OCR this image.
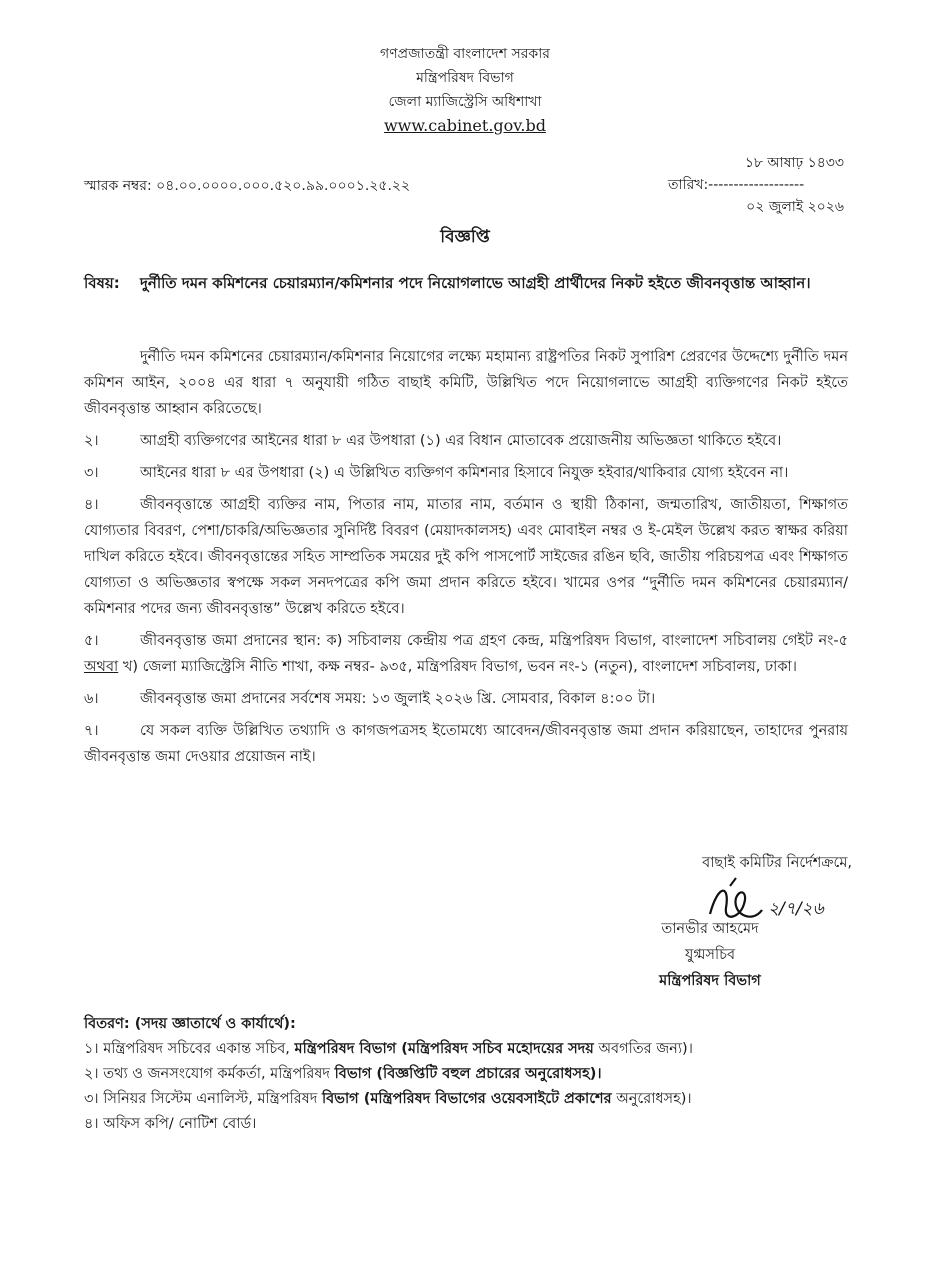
গণপ্রজাতন্ত্রী বাংলাদেশ সরকার
মন্ত্রিপরিষদ বিভাগ
জেলা ম্যাজিস্ট্রেসি অধিশাখা
www.cabinet.gov.bd
স্মারক নম্বর: ০৪.০০.০০০০.০০০.৫২০.৯৯.০০০১.২৫.২২
১৮ আষাঢ় ১৪৩৩
তারিখ:-------------------
০২ জুলাই ২০২৬
বিজ্ঞপ্তি
বিষয়: দুর্নীতি দমন কমিশনের চেয়ারম্যান/কমিশনার পদে নিয়োগলাভে আগ্রহী প্রার্থীদের নিকট হইতে জীবনবৃত্তান্ত আহ্বান।

দুর্নীতি দমন কমিশনের চেয়ারম্যান/কমিশনার নিয়োগের লক্ষ্যে মহামান্য রাষ্ট্রপতির নিকট সুপারিশ প্রেরণের উদ্দেশ্যে দুর্নীতি দমন কমিশন আইন, ২০০৪ এর ধারা ৭ অনুযায়ী গঠিত বাছাই কমিটি, উল্লিখিত পদে নিয়োগলাভে আগ্রহী ব্যক্তিগণের নিকট হইতে জীবনবৃত্তান্ত আহ্বান করিতেছে।

২।	আগ্রহী ব্যক্তিগণের আইনের ধারা ৮ এর উপধারা (১) এর বিধান মোতাবেক প্রয়োজনীয় অভিজ্ঞতা থাকিতে হইবে।

৩।	আইনের ধারা ৮ এর উপধারা (২) এ উল্লিখিত ব্যক্তিগণ কমিশনার হিসাবে নিযুক্ত হইবার/থাকিবার যোগ্য হইবেন না।

৪।	জীবনবৃত্তান্তে আগ্রহী ব্যক্তির নাম, পিতার নাম, মাতার নাম, বর্তমান ও স্থায়ী ঠিকানা, জন্মতারিখ, জাতীয়তা, শিক্ষাগত যোগ্যতার বিবরণ, পেশা/চাকরি/অভিজ্ঞতার সুনির্দিষ্ট বিবরণ (মেয়াদকালসহ) এবং মোবাইল নম্বর ও ই-মেইল উল্লেখ করত স্বাক্ষর করিয়া দাখিল করিতে হইবে। জীবনবৃত্তান্তের সহিত সাম্প্রতিক সময়ের দুই কপি পাসপোর্ট সাইজের রঙিন ছবি, জাতীয় পরিচয়পত্র এবং শিক্ষাগত যোগ্যতা ও অভিজ্ঞতার স্বপক্ষে সকল সনদপত্রের কপি জমা প্রদান করিতে হইবে। খামের ওপর “দুর্নীতি দমন কমিশনের চেয়ারম্যান/কমিশনার পদের জন্য জীবনবৃত্তান্ত” উল্লেখ করিতে হইবে।

৫।	জীবনবৃত্তান্ত জমা প্রদানের স্থান: ক) সচিবালয় কেন্দ্রীয় পত্র গ্রহণ কেন্দ্র, মন্ত্রিপরিষদ বিভাগ, বাংলাদেশ সচিবালয় গেইট নং-৫ অথবা খ) জেলা ম্যাজিস্ট্রেসি নীতি শাখা, কক্ষ নম্বর- ৯৩৫, মন্ত্রিপরিষদ বিভাগ, ভবন নং-১ (নতুন), বাংলাদেশ সচিবালয়, ঢাকা।

৬।	জীবনবৃত্তান্ত জমা প্রদানের সর্বশেষ সময়: ১৩ জুলাই ২০২৬ খ্রি. সোমবার, বিকাল ৪:০০ টা।

৭।	যে সকল ব্যক্তি উল্লিখিত তথ্যাদি ও কাগজপত্রসহ ইতোমধ্যে আবেদন/জীবনবৃত্তান্ত জমা প্রদান করিয়াছেন, তাহাদের পুনরায় জীবনবৃত্তান্ত জমা দেওয়ার প্রয়োজন নাই।

২/৭/২৬
বাছাই কমিটির নির্দেশক্রমে,
তানভীর আহমেদ
যুগ্মসচিব
মন্ত্রিপরিষদ বিভাগ
বিতরণ: (সদয় জ্ঞাতার্থে ও কার্যার্থে):
১। মন্ত্রিপরিষদ সচিবের একান্ত সচিব, মন্ত্রিপরিষদ বিভাগ (মন্ত্রিপরিষদ সচিব মহোদয়ের সদয় অবগতির জন্য)।
২। তথ্য ও জনসংযোগ কর্মকর্তা, মন্ত্রিপরিষদ বিভাগ (বিজ্ঞপ্তিটি বহুল প্রচারের অনুরোধসহ)।
৩। সিনিয়র সিস্টেম এনালিস্ট, মন্ত্রিপরিষদ বিভাগ (মন্ত্রিপরিষদ বিভাগের ওয়েবসাইটে প্রকাশের অনুরোধসহ)।
৪। অফিস কপি/ নোটিশ বোর্ড।
